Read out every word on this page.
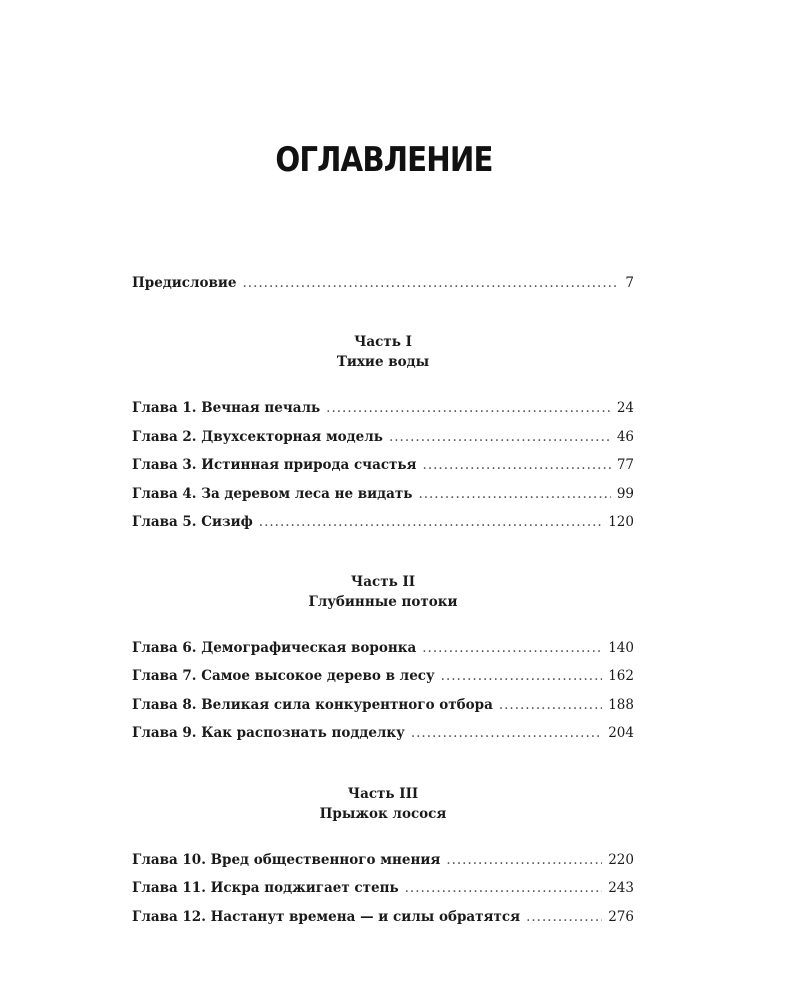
ОГЛАВЛЕНИЕ
Предисловие .....	7
Часть I
Тихие воды
Глава 1. Вечная печаль .....	24
Глава 2. Двухсекторная модель .....	46
Глава 3. Истинная природа счастья .....	77
Глава 4. За деревом леса не видать .....	99
Глава 5. Сизиф .....	120
Часть II
Глубинные потоки
Глава 6. Демографическая воронка .....	140
Глава 7. Самое высокое дерево в лесу .....	162
Глава 8. Великая сила конкурентного отбора .....	188
Глава 9. Как распознать подделку .....	204
Часть III
Прыжок лосося
Глава 10. Вред общественного мнения .....	220
Глава 11. Искра поджигает степь .....	243
Глава 12. Настанут времена — и силы обратятся .....	276
